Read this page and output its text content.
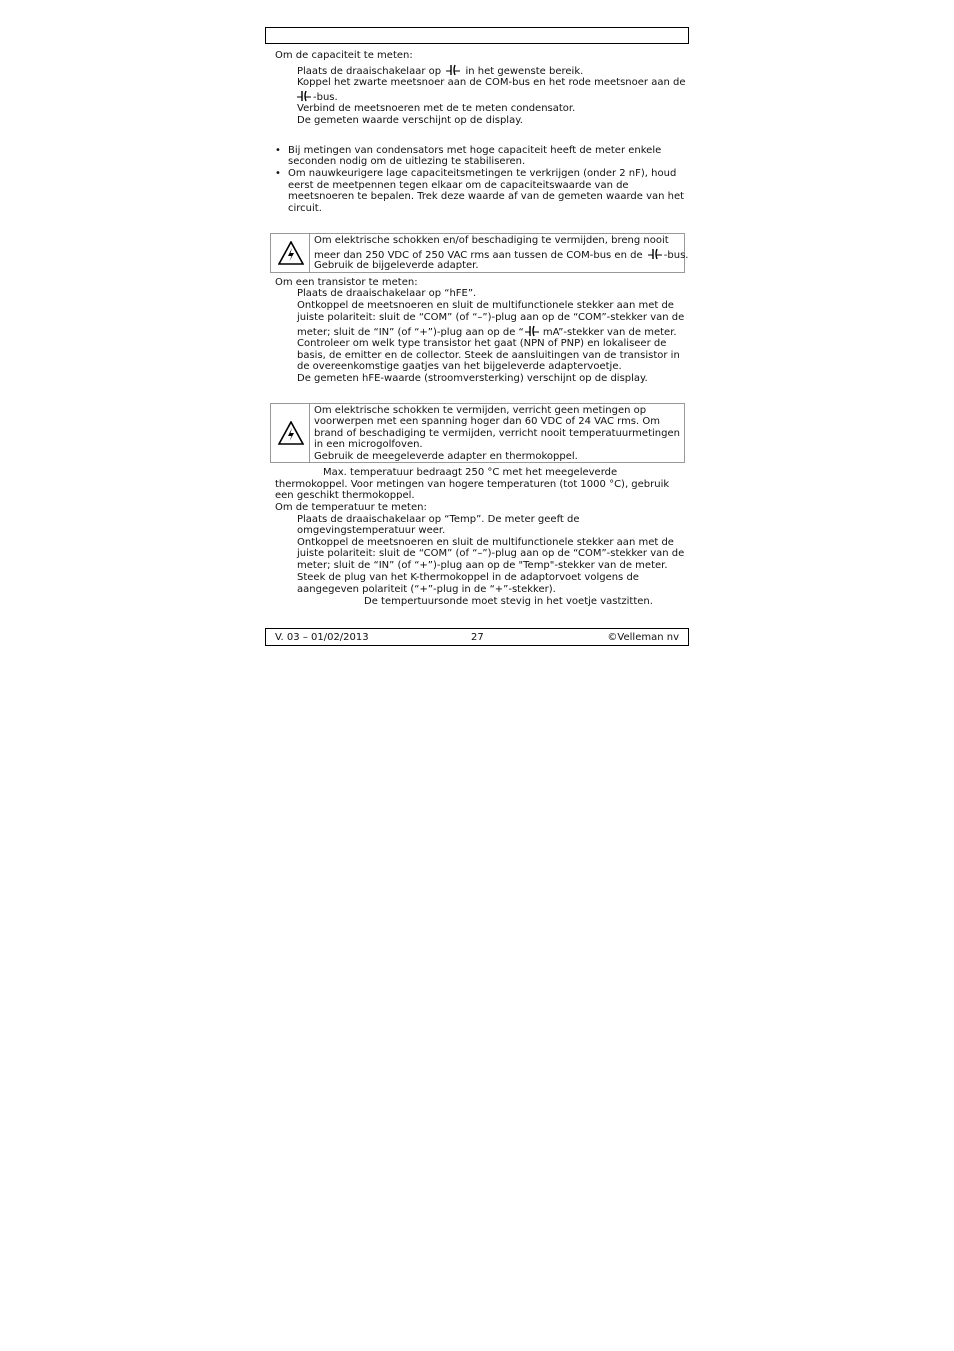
Om de capaciteit te meten:
Plaats de draaischakelaar op in het gewenste bereik.
Koppel het zwarte meetsnoer aan de COM-bus en het rode meetsnoer aan de
-bus.
Verbind de meetsnoeren met de te meten condensator.
De gemeten waarde verschijnt op de display.
• Bij metingen van condensators met hoge capaciteit heeft de meter enkele
seconden nodig om de uitlezing te stabiliseren.
• Om nauwkeurigere lage capaciteitsmetingen te verkrijgen (onder 2 nF), houd
eerst de meetpennen tegen elkaar om de capaciteitswaarde van de
meetsnoeren te bepalen. Trek deze waarde af van de gemeten waarde van het
circuit.
Om elektrische schokken en/of beschadiging te vermijden, breng nooit
meer dan 250 VDC of 250 VAC rms aan tussen de COM-bus en de -bus.
Gebruik de bijgeleverde adapter.
Om een transistor te meten:
Plaats de draaischakelaar op “hFE”.
Ontkoppel de meetsnoeren en sluit de multifunctionele stekker aan met de
juiste polariteit: sluit de “COM” (of “–”)-plug aan op de “COM”-stekker van de
meter; sluit de “IN” (of “+”)-plug aan op de “ mA”-stekker van de meter.
Controleer om welk type transistor het gaat (NPN of PNP) en lokaliseer de
basis, de emitter en de collector. Steek de aansluitingen van de transistor in
de overeenkomstige gaatjes van het bijgeleverde adaptervoetje.
De gemeten hFE-waarde (stroomversterking) verschijnt op de display.
Om elektrische schokken te vermijden, verricht geen metingen op
voorwerpen met een spanning hoger dan 60 VDC of 24 VAC rms. Om
brand of beschadiging te vermijden, verricht nooit temperatuurmetingen
in een microgolfoven.
Gebruik de meegeleverde adapter en thermokoppel.
Max. temperatuur bedraagt 250 °C met het meegeleverde
thermokoppel. Voor metingen van hogere temperaturen (tot 1000 °C), gebruik
een geschikt thermokoppel.
Om de temperatuur te meten:
Plaats de draaischakelaar op “Temp”. De meter geeft de
omgevingstemperatuur weer.
Ontkoppel de meetsnoeren en sluit de multifunctionele stekker aan met de
juiste polariteit: sluit de “COM” (of “–”)-plug aan op de “COM”-stekker van de
meter; sluit de “IN” (of “+”)-plug aan op de "Temp"-stekker van de meter.
Steek de plug van het K-thermokoppel in de adaptorvoet volgens de
aangegeven polariteit (“+”-plug in de “+”-stekker).
De tempertuursonde moet stevig in het voetje vastzitten.
V. 03 – 01/02/2013	27	©Velleman nv
